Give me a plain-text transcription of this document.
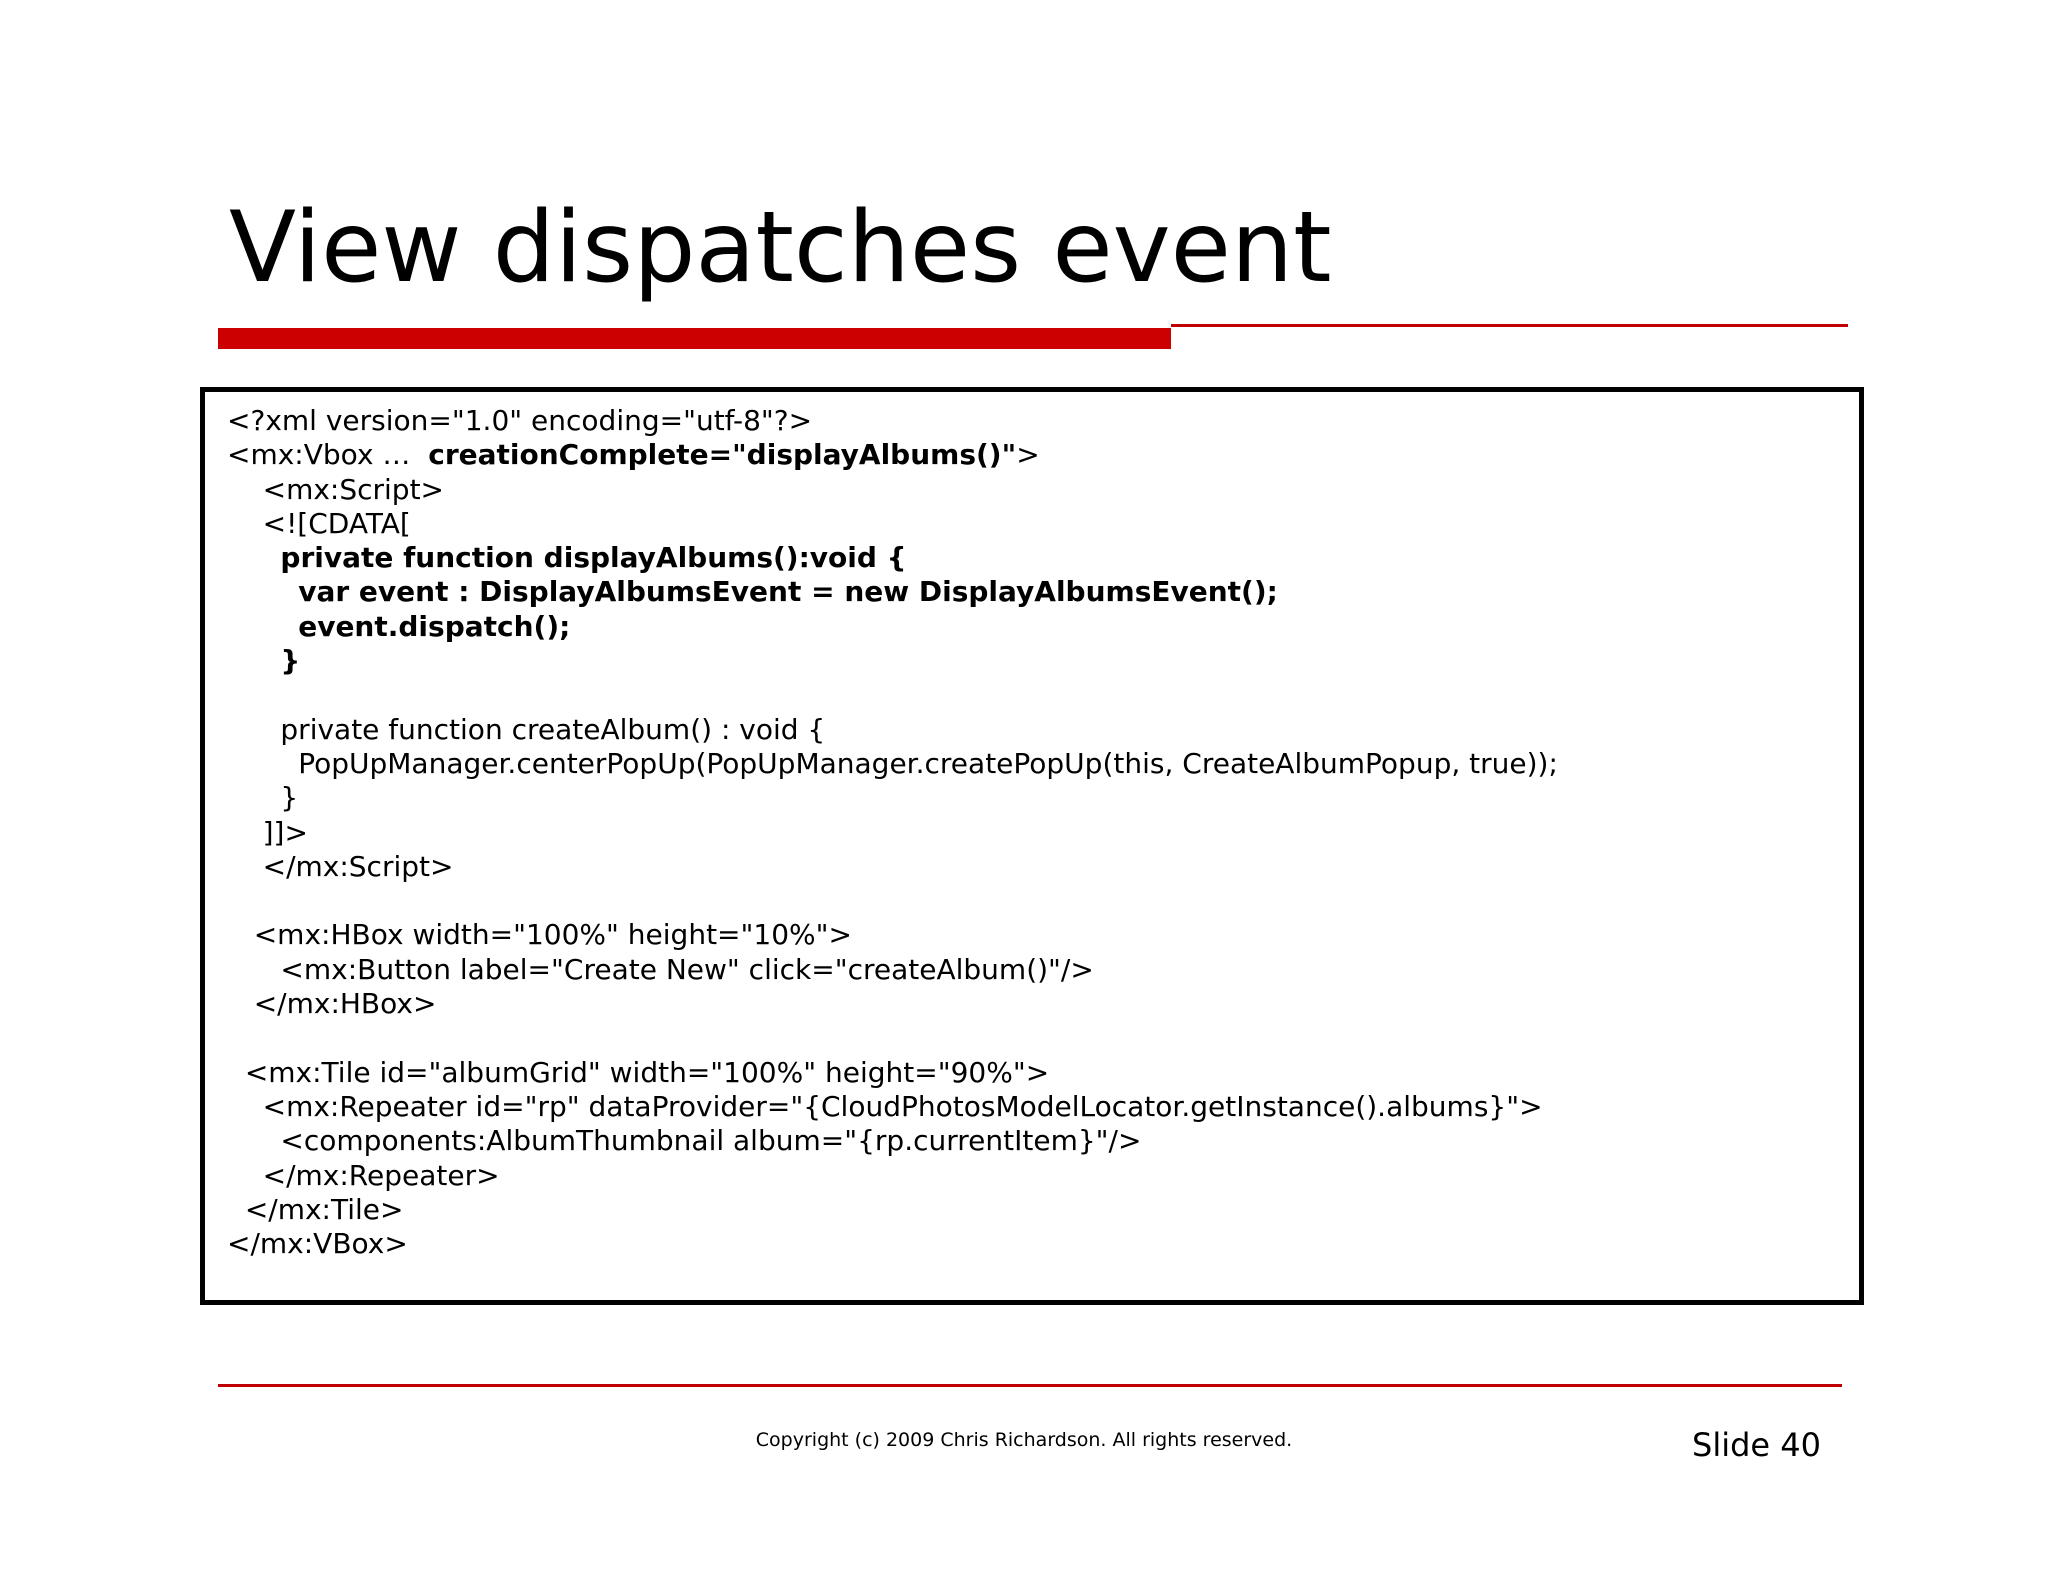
View dispatches event
<?xml version="1.0" encoding="utf-8"?>
<mx:Vbox …  creationComplete="displayAlbums()">
<mx:Script>
<![CDATA[
private function displayAlbums():void {
var event : DisplayAlbumsEvent = new DisplayAlbumsEvent();
event.dispatch();
}
private function createAlbum() : void {
PopUpManager.centerPopUp(PopUpManager.createPopUp(this, CreateAlbumPopup, true));
}
]]>
</mx:Script>
<mx:HBox width="100%" height="10%">
<mx:Button label="Create New" click="createAlbum()"/>
</mx:HBox>
<mx:Tile id="albumGrid" width="100%" height="90%">
<mx:Repeater id="rp" dataProvider="{CloudPhotosModelLocator.getInstance().albums}">
<components:AlbumThumbnail album="{rp.currentItem}"/>
</mx:Repeater>
</mx:Tile>
</mx:VBox>
Copyright (c) 2009 Chris Richardson. All rights reserved.	Slide 40
